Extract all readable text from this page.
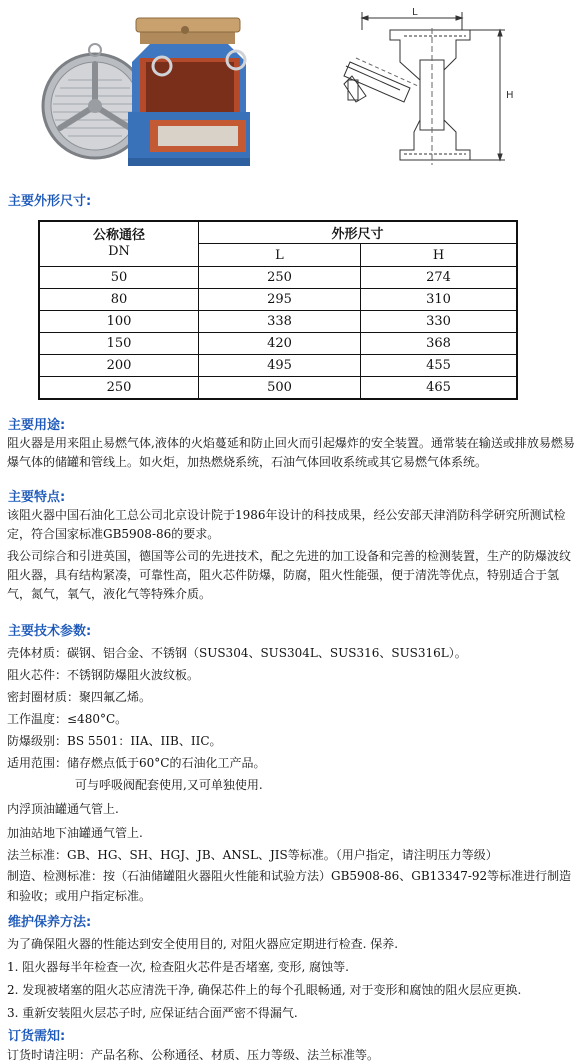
L
H
主要外形尺寸:
公称通径
DN	外形尺寸	
	L	H
50	250	274
80	295	310
100	338	330
150	420	368
200	495	455
250	500	465
主要用途:
阻火器是用来阻止易燃气体,液体的火焰蔓延和防止回火而引起爆炸的安全装置。通常装在输送或排放易燃易爆气体的储罐和管线上。如火炬，加热燃烧系统，石油气体回收系统或其它易燃气体系统。
主要特点:
该阻火器中国石油化工总公司北京设计院于1986年设计的科技成果，经公安部天津消防科学研究所测试检定，符合国家标准GB5908-86的要求。
我公司综合和引进英国，德国等公司的先进技术，配之先进的加工设备和完善的检测装置，生产的防爆波纹阻火器，具有结构紧凑，可靠性高，阻火芯件防爆，防腐，阻火性能强，便于清洗等优点，特别适合于氢气，氮气，氧气，液化气等特殊介质。
主要技术参数:
壳体材质：碳钢、铝合金、不锈钢（SUS304、SUS304L、SUS316、SUS316L）。
阻火芯件：不锈钢防爆阻火波纹板。
密封圈材质：聚四氟乙烯。
工作温度：≤480°C。
防爆级别：BS 5501：IIA、IIB、IIC。
适用范围：储存燃点低于60°C的石油化工产品。
可与呼吸阀配套使用,又可单独使用.
内浮顶油罐通气管上.
加油站地下油罐通气管上.
法兰标准：GB、HG、SH、HGJ、JB、ANSL、JIS等标准。（用户指定，请注明压力等级）
制造、检测标准：按（石油储罐阻火器阻火性能和试验方法）GB5908-86、GB13347-92等标准进行制造和验收；或用户指定标准。
维护保养方法:
为了确保阻火器的性能达到安全使用目的, 对阻火器应定期进行检查. 保养.
1. 阻火器每半年检查一次, 检查阻火芯件是否堵塞, 变形, 腐蚀等.
2. 发现被堵塞的阻火芯应清洗干净, 确保芯件上的每个孔眼畅通, 对于变形和腐蚀的阻火层应更换.
3. 重新安装阻火层芯子时, 应保证结合面严密不得漏气.
订货需知:
订货时请注明：产品名称、公称通径、材质、压力等级、法兰标准等。
